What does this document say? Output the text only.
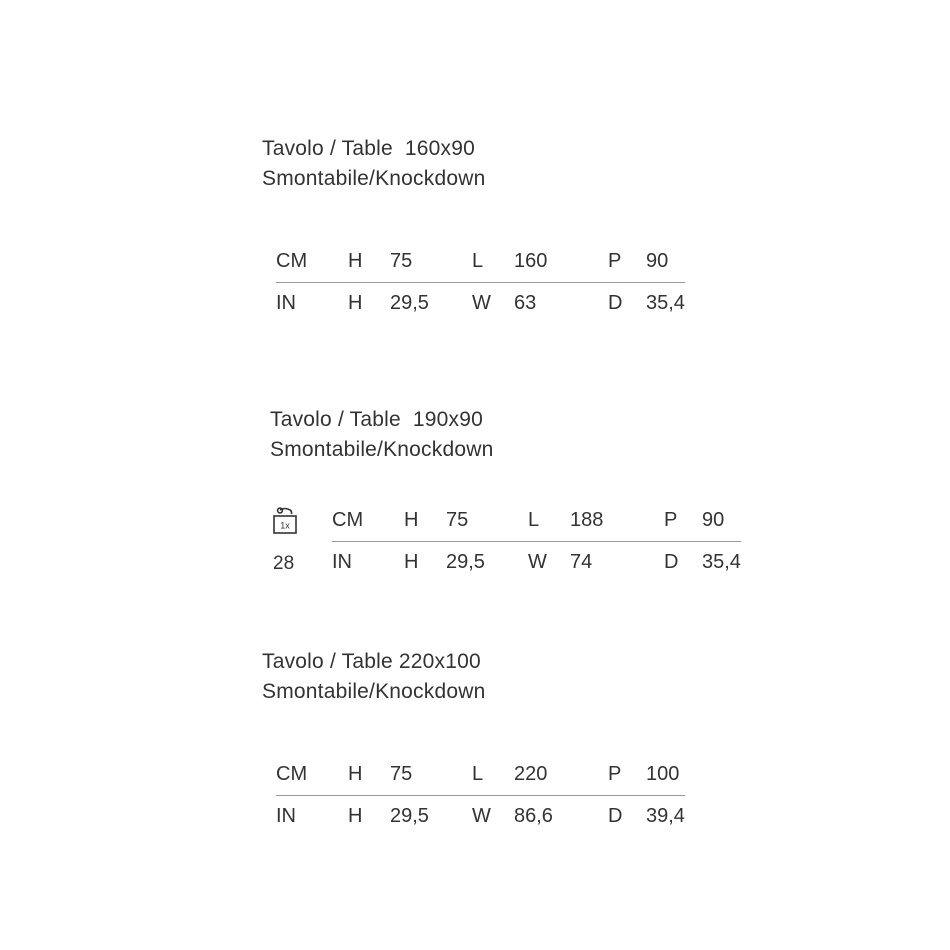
Tavolo / Table  160x90
Smontabile/Knockdown
CM	H	75	L	160	P	90
IN	H	29,5	W	63	D	35,4
Tavolo / Table  190x90
Smontabile/Knockdown
1x
28
CM	H	75	L	188	P	90
IN	H	29,5	W	74	D	35,4
Tavolo / Table 220x100
Smontabile/Knockdown
CM	H	75	L	220	P	100
IN	H	29,5	W	86,6	D	39,4
